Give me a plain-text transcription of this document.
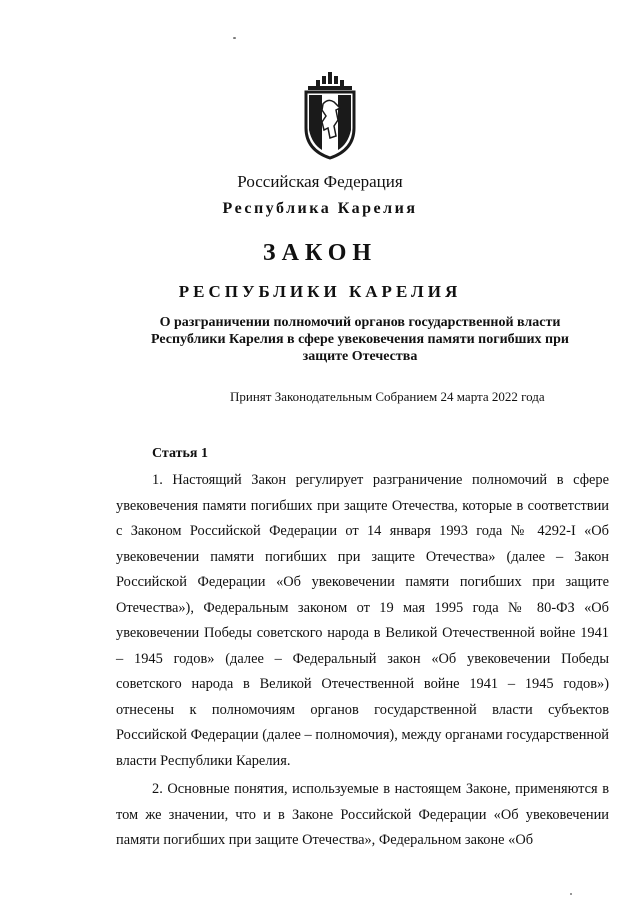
Российская Федерация
Республика Карелия
ЗАКОН
РЕСПУБЛИКИ КАРЕЛИЯ
О разграничении полномочий органов государственной власти Республики Карелия в сфере увековечения памяти погибших при защите Отечества
Принят Законодательным Собранием 24 марта 2022 года
Статья 1

1. Настоящий Закон регулирует разграничение полномочий в сфере увековечения памяти погибших при защите Отечества, которые в соответствии с Законом Российской Федерации от 14 января 1993 года № 4292-I «Об увековечении памяти погибших при защите Отечества» (далее – Закон Российской Федерации «Об увековечении памяти погибших при защите Отечества»), Федеральным законом от 19 мая 1995 года № 80-ФЗ «Об увековечении Победы советского народа в Великой Отечественной войне 1941 – 1945 годов» (далее – Федеральный закон «Об увековечении Победы советского народа в Великой Отечественной войне 1941 – 1945 годов») отнесены к полномочиям органов государственной власти субъектов Российской Федерации (далее – полномочия), между органами государственной власти Республики Карелия.

2. Основные понятия, используемые в настоящем Законе, применяются в том же значении, что и в Законе Российской Федерации «Об увековечении памяти погибших при защите Отечества», Федеральном законе «Об
